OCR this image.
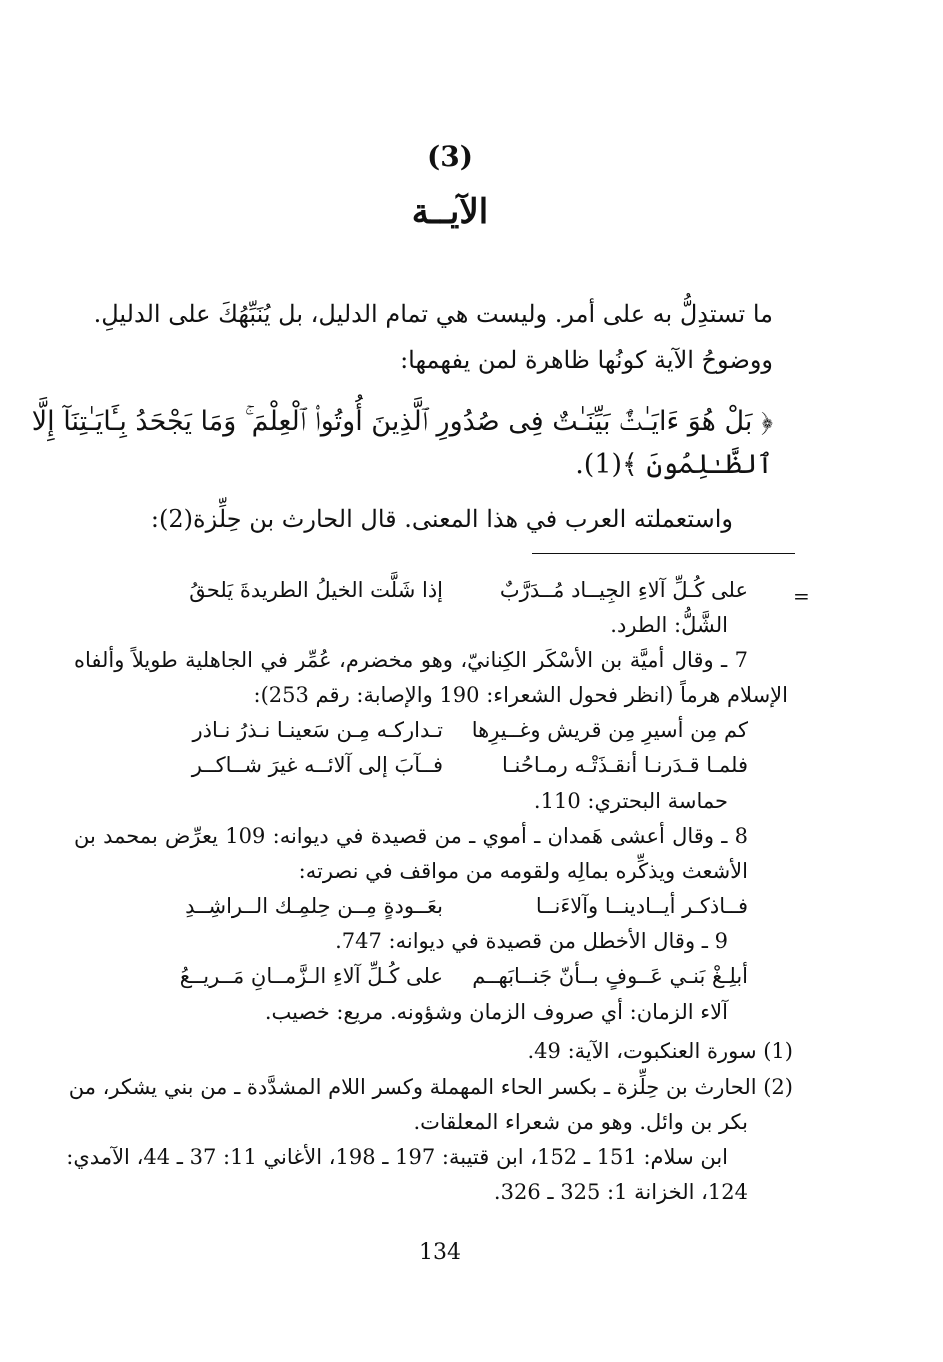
(3)
الآيــة
ما تستدِلُّ به على أمر. وليست هي تمام الدليل، بل يُنَبِّهُكَ على الدليلِ.
ووضوحُ الآية كونُها ظاهرة لمن يفهمها:
﴿ بَلْ هُوَ ءَايَـٰتٌۢ بَيِّنَـٰتٌ فِى صُدُورِ ٱلَّذِينَ أُوتُوا۟ ٱلْعِلْمَ ۚ وَمَا يَجْحَدُ بِـَٔايَـٰتِنَآ إِلَّا
ٱلظَّـٰلِمُونَ ﴾(1).
واستعملته العرب في هذا المعنى. قال الحارث بن حِلِّزة(2):
=
على كُـلِّ آلاءِ الجِيــاد مُــدَرَّبٌ
إذا شَلَّت الخيلُ الطريدةَ يَلحقُ
الشَّلُّ: الطرد.
7 ـ وقال أميَّة بن الأسْكَر الكِنانيّ، وهو مخضرم، عُمِّر في الجاهلية طويلاً وألفاه
الإسلام هرماً (انظر فحول الشعراء: 190 والإصابة: رقم 253):
كم مِن أسيرِ مِن قريش وغــيرِها
تـداركـه مِـن سَعينـا نـذرُ نـاذر
فلمـا قـدَرنـا أنقـذَتْـه رمـاحُنـا
فــآبَ إلى آلائــه غيرَ شــاكــر
حماسة البحتري: 110.
8 ـ وقال أعشى هَمدان ـ أموي ـ من قصيدة في ديوانه: 109 يعرِّض بمحمد بن
الأشعث ويذكِّره بمالِه ولقومه من مواقف في نصرته:
فــاذكـر أيــادينــا وآلاءَنــا
بعَــودةٍ مِــن حِلمِـك الــراشِــدِ
9 ـ وقال الأخطل من قصيدة في ديوانه: 747.
أبلِـغْ بَنـي عَــوفٍ بــأنّ جَنــابَهــم
على كُـلِّ آلاءِ الـزَّمــانِ مَــريــعُ
آلاء الزمان: أي صروف الزمان وشؤونه. مريع: خصيب.
(1) سورة العنكبوت، الآية: 49.
(2) الحارث بن حِلِّزة ـ بكسر الحاء المهملة وكسر اللام المشدَّدة ـ من بني يشكر، من
بكر بن وائل. وهو من شعراء المعلقات.
ابن سلام: 151 ـ 152، ابن قتيبة: 197 ـ 198، الأغاني 11: 37 ـ 44، الآمدي:
124، الخزانة 1: 325 ـ 326.
134
